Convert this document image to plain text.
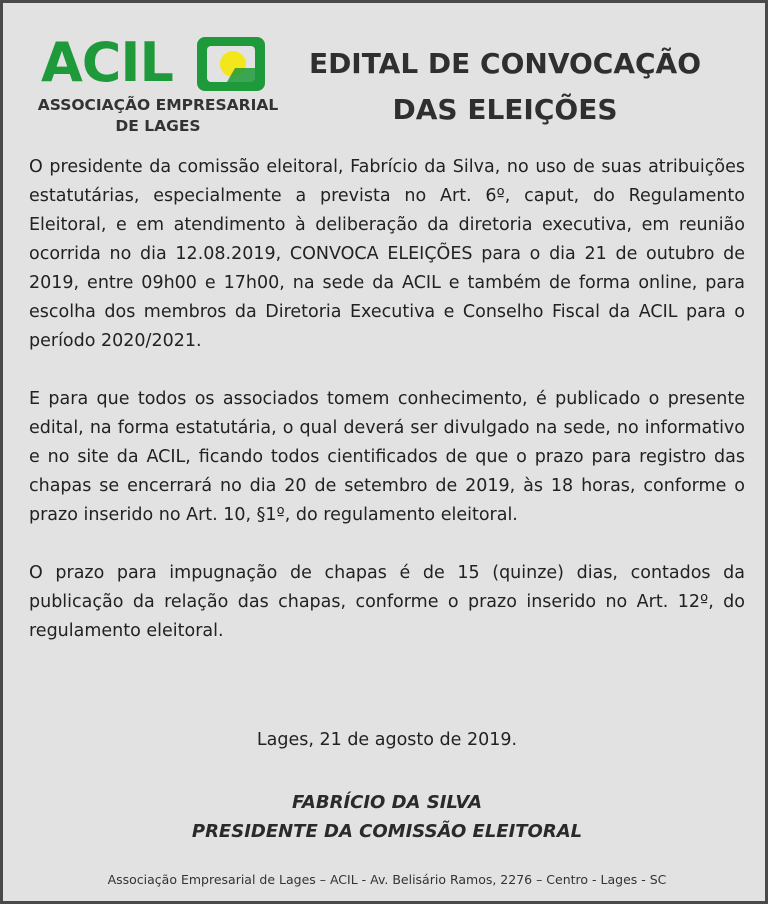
ACIL
ASSOCIAÇÃO EMPRESARIAL
DE LAGES
EDITAL DE CONVOCAÇÃO
DAS ELEIÇÕES

O presidente da comissão eleitoral, Fabrício da Silva, no uso de suas atribuições estatutárias, especialmente a prevista no Art. 6º, caput, do Regulamento Eleitoral, e em atendimento à deliberação da diretoria executiva, em reunião ocorrida no dia 12.08.2019, CONVOCA ELEIÇÕES para o dia 21 de outubro de 2019, entre 09h00 e 17h00, na sede da ACIL e também de forma online, para escolha dos membros da Diretoria Executiva e Conselho Fiscal da ACIL para o período 2020/2021.

E para que todos os associados tomem conhecimento, é publicado o presente edital, na forma estatutária, o qual deverá ser divulgado na sede, no informativo e no site da ACIL, ficando todos cientificados de que o prazo para registro das chapas se encerrará no dia 20 de setembro de 2019, às 18 horas, conforme o prazo inserido no Art. 10, §1º, do regulamento eleitoral.

O prazo para impugnação de chapas é de 15 (quinze) dias, contados da publicação da relação das chapas, conforme o prazo inserido no Art. 12º, do regulamento eleitoral.

Lages, 21 de agosto de 2019.
FABRÍCIO DA SILVA
PRESIDENTE DA COMISSÃO ELEITORAL
Associação Empresarial de Lages – ACIL - Av. Belisário Ramos, 2276 – Centro - Lages - SC
